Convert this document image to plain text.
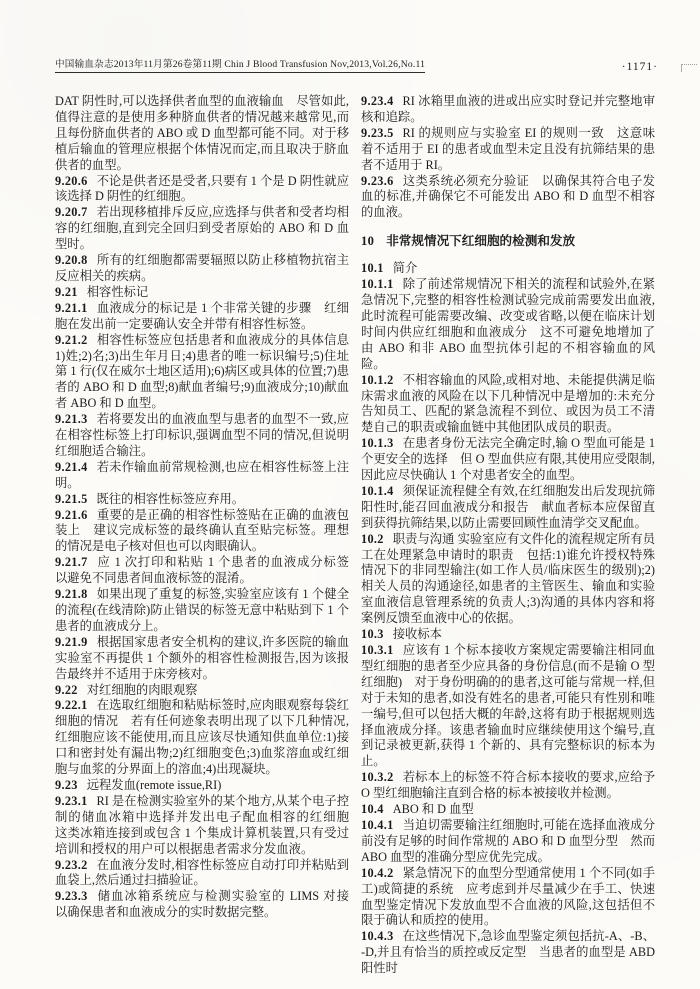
中国输血杂志2013年11月第26卷第11期 Chin J Blood Transfusion Nov,2013,Vol.26,No.11	·1171·

DAT 阴性时,可以选择供者血型的血液输血　尽管如此,值得注意的是使用多种脐血供者的情况越来越常见,而且每份脐血供者的 ABO 或 D 血型都可能不同。对于移植后输血的管理应根据个体情况而定,而且取决于脐血供者的血型。

9.20.6 不论是供者还是受者,只要有 1 个是 D 阴性就应该选择 D 阴性的红细胞。

9.20.7 若出现移植排斥反应,应选择与供者和受者均相容的红细胞,直到完全回归到受者原始的 ABO 和 D 血型时。

9.20.8 所有的红细胞都需要辐照以防止移植物抗宿主反应相关的疾病。

9.21 相容性标记

9.21.1 血液成分的标记是 1 个非常关键的步骤　红细胞在发出前一定要确认安全并带有相容性标签。

9.21.2 相容性标签应包括患者和血液成分的具体信息　1)姓;2)名;3)出生年月日;4)患者的唯一标识编号;5)住址第 1 行(仅在威尔士地区适用);6)病区或具体的位置;7)患者的 ABO 和 D 血型;8)献血者编号;9)血液成分;10)献血者 ABO 和 D 血型。

9.21.3 若将要发出的血液血型与患者的血型不一致,应在相容性标签上打印标识,强调血型不同的情况,但说明红细胞适合输注。

9.21.4 若未作输血前常规检测,也应在相容性标签上注明。

9.21.5 既往的相容性标签应弃用。

9.21.6 重要的是正确的相容性标签贴在正确的血液包装上　建议完成标签的最终确认直至贴完标签。理想的情况是电子核对但也可以肉眼确认。

9.21.7 应 1 次打印和粘贴 1 个患者的血液成分标签　以避免不同患者间血液标签的混淆。

9.21.8 如果出现了重复的标签,实验室应该有 1 个健全的流程(在线清除)防止错误的标签无意中粘贴到下 1 个患者的血液成分上。

9.21.9 根据国家患者安全机构的建议,许多医院的输血实验室不再提供 1 个额外的相容性检测报告,因为该报告最终并不适用于床旁核对。

9.22 对红细胞的肉眼观察

9.22.1 在选取红细胞和粘贴标签时,应肉眼观察每袋红细胞的情况　若有任何迹象表明出现了以下几种情况,红细胞应该不能使用,而且应该尽快通知供血单位:1)接口和密封处有漏出物;2)红细胞变色;3)血浆溶血或红细胞与血浆的分界面上的溶血;4)出现凝块。

9.23 远程发血(remote issue,RI)

9.23.1 RI 是在检测实验室外的某个地方,从某个电子控制的储血冰箱中选择并发出电子配血相容的红细胞　这类冰箱连接到或包含 1 个集成计算机装置,只有受过培训和授权的用户可以根据患者需求分发血液。

9.23.2 在血液分发时,相容性标签应自动打印并粘贴到血袋上,然后通过扫描验证。

9.23.3 储血冰箱系统应与检测实验室的 LIMS 对接　以确保患者和血液成分的实时数据完整。

9.23.4 RI 冰箱里血液的进或出应实时登记并完整地审核和追踪。

9.23.5 RI 的规则应与实验室 EI 的规则一致　这意味着不适用于 EI 的患者或血型未定且没有抗筛结果的患者不适用于 RI。

9.23.6 这类系统必须充分验证　以确保其符合电子发血的标准,并确保它不可能发出 ABO 和 D 血型不相容的血液。

10 非常规情况下红细胞的检测和发放

10.1 简介

10.1.1 除了前述常规情况下相关的流程和试验外,在紧急情况下,完整的相容性检测试验完成前需要发出血液,此时流程可能需要改编、改变或省略,以便在临床计划时间内供应红细胞和血液成分　这不可避免地增加了由 ABO 和非 ABO 血型抗体引起的不相容输血的风险。

10.1.2 不相容输血的风险,或相对地、未能提供满足临床需求血液的风险在以下几种情况中是增加的:未充分告知员工、匹配的紧急流程不到位、或因为员工不清楚自己的职责或输血链中其他团队成员的职责。

10.1.3 在患者身份无法完全确定时,输 O 型血可能是 1 个更安全的选择　但 O 型血供应有限,其使用应受限制,因此应尽快确认 1 个对患者安全的血型。

10.1.4 须保证流程健全有效,在红细胞发出后发现抗筛阳性时,能召回血液成分和报告　献血者标本应保留直到获得抗筛结果,以防止需要回顾性血清学交叉配血。

10.2 职责与沟通 实验室应有文件化的流程规定所有员工在处理紧急申请时的职责　包括:1)谁允许授权特殊情况下的非同型输注(如工作人员/临床医生的级别);2)相关人员的沟通途径,如患者的主管医生、输血和实验室血液信息管理系统的负责人;3)沟通的具体内容和将案例反馈至血液中心的依据。

10.3 接收标本

10.3.1 应该有 1 个标本接收方案规定需要输注相同血型红细胞的患者至少应具备的身份信息(而不是输 O 型红细胞)　对于身份明确的的患者,这可能与常规一样,但对于未知的患者,如没有姓名的患者,可能只有性别和唯一编号,但可以包括大概的年龄,这将有助于根据规则选择血液成分择。该患者输血时应继续使用这个编号,直到记录被更新,获得 1 个新的、具有完整标识的标本为止。

10.3.2 若标本上的标签不符合标本接收的要求,应给予 O 型红细胞输注直到合格的标本被接收并检测。

10.4 ABO 和 D 血型

10.4.1 当迫切需要输注红细胞时,可能在选择血液成分前没有足够的时间作常规的 ABO 和 D 血型分型　然而 ABO 血型的准确分型应优先完成。

10.4.2 紧急情况下的血型分型通常使用 1 个不同(如手工)或简捷的系统　应考虑到并尽量减少在手工、快速血型鉴定情况下发放血型不合血液的风险,这包括但不限于确认和质控的使用。

10.4.3 在这些情况下,急诊血型鉴定须包括抗-A、-B、-D,并且有恰当的质控或反定型　当患者的血型是 ABD 阳性时
